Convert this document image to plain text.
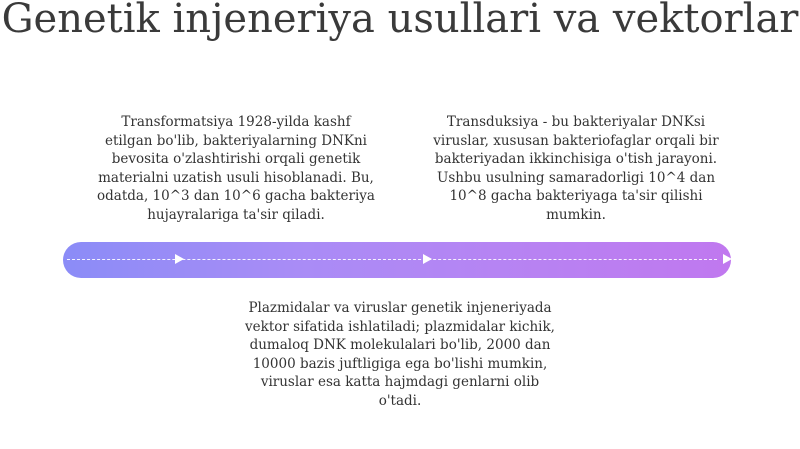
Genetik injeneriya usullari va vektorlar

Transformatsiya 1928-yilda kashf etilgan bo'lib, bakteriyalarning DNKni bevosita o'zlashtirishi orqali genetik materialni uzatish usuli hisoblanadi. Bu, odatda, 10^3 dan 10^6 gacha bakteriya hujayralariga ta'sir qiladi.

Transduksiya - bu bakteriyalar DNKsi viruslar, xususan bakteriofaglar orqali bir bakteriyadan ikkinchisiga o'tish jarayoni. Ushbu usulning samaradorligi 10^4 dan 10^8 gacha bakteriyaga ta'sir qilishi mumkin.

Plazmidalar va viruslar genetik injeneriyada vektor sifatida ishlatiladi; plazmidalar kichik, dumaloq DNK molekulalari bo'lib, 2000 dan 10000 bazis juftligiga ega bo'lishi mumkin, viruslar esa katta hajmdagi genlarni olib o'tadi.
